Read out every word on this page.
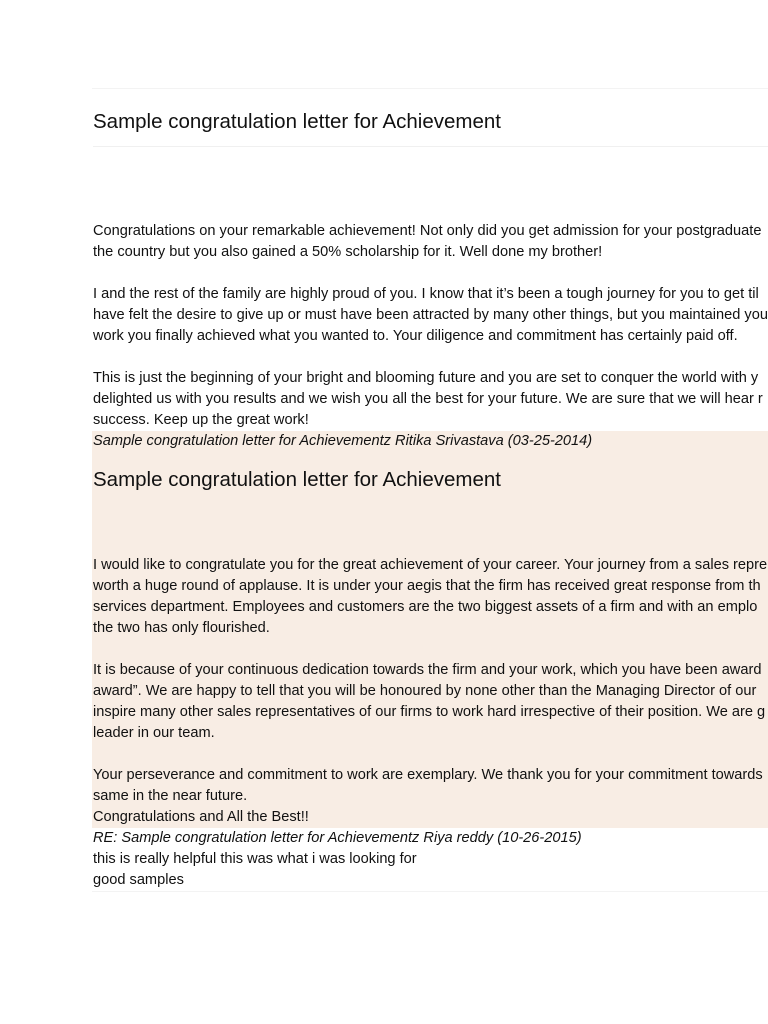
Sample congratulation letter for Achievement
Congratulations on your remarkable achievement! Not only did you get admission for your postgraduate
the country but you also gained a 50% scholarship for it. Well done my brother!
I and the rest of the family are highly proud of you. I know that it’s been a tough journey for you to get til
have felt the desire to give up or must have been attracted by many other things, but you maintained you
work you finally achieved what you wanted to. Your diligence and commitment has certainly paid off.
This is just the beginning of your bright and blooming future and you are set to conquer the world with y
delighted us with you results and we wish you all the best for your future. We are sure that we will hear r
success. Keep up the great work!
Sample congratulation letter for Achievementz Ritika Srivastava (03-25-2014)
Sample congratulation letter for Achievement
I would like to congratulate you for the great achievement of your career. Your journey from a sales repre
worth a huge round of applause. It is under your aegis that the firm has received great response from th
services department. Employees and customers are the two biggest assets of a firm and with an emplo
the two has only flourished.
It is because of your continuous dedication towards the firm and your work, which you have been award
award”. We are happy to tell that you will be honoured by none other than the Managing Director of our
inspire many other sales representatives of our firms to work hard irrespective of their position. We are g
leader in our team.
Your perseverance and commitment to work are exemplary. We thank you for your commitment towards
same in the near future.
Congratulations and All the Best!!
RE: Sample congratulation letter for Achievementz Riya reddy (10-26-2015)
this is really helpful this was what i was looking for
good samples
